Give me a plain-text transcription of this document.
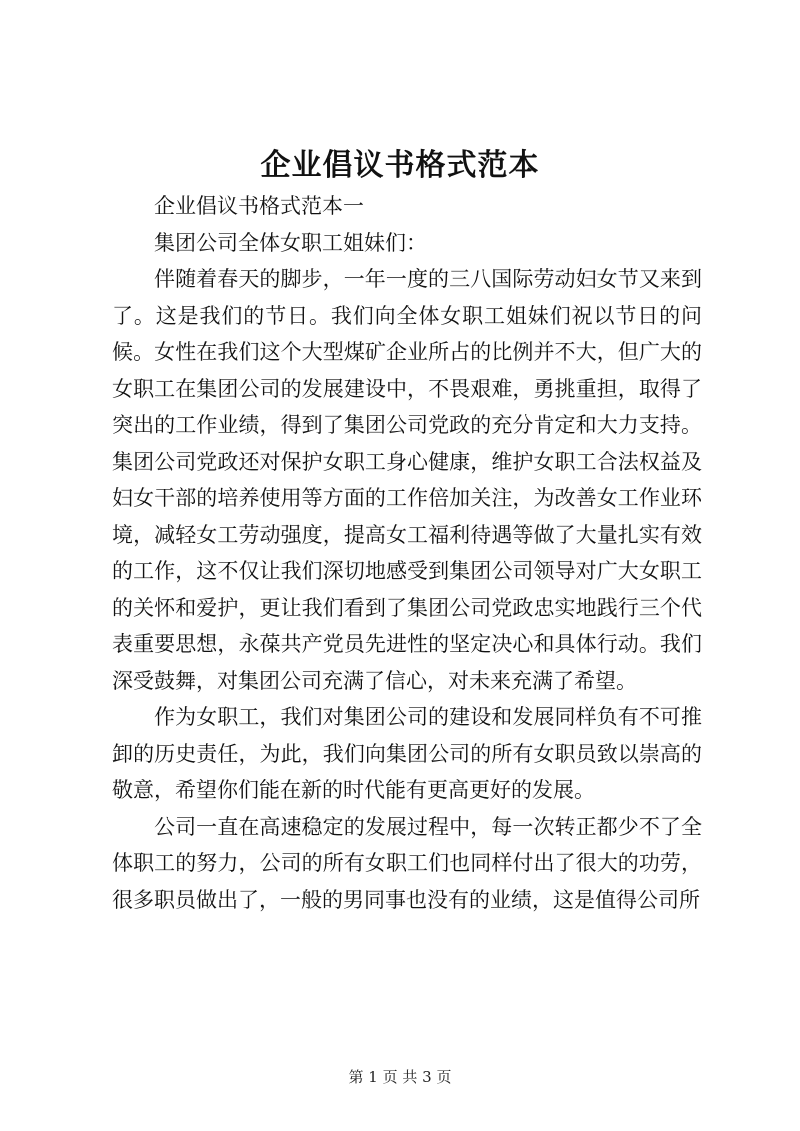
企业倡议书格式范本

企业倡议书格式范本一

集团公司全体女职工姐妹们：

伴随着春天的脚步，一年一度的三八国际劳动妇女节又来到了。这是我们的节日。我们向全体女职工姐妹们祝以节日的问候。女性在我们这个大型煤矿企业所占的比例并不大，但广大的女职工在集团公司的发展建设中，不畏艰难，勇挑重担，取得了突出的工作业绩，得到了集团公司党政的充分肯定和大力支持。集团公司党政还对保护女职工身心健康，维护女职工合法权益及妇女干部的培养使用等方面的工作倍加关注，为改善女工作业环境，减轻女工劳动强度，提高女工福利待遇等做了大量扎实有效的工作，这不仅让我们深切地感受到集团公司领导对广大女职工的关怀和爱护，更让我们看到了集团公司党政忠实地践行三个代表重要思想，永葆共产党员先进性的坚定决心和具体行动。我们深受鼓舞，对集团公司充满了信心，对未来充满了希望。

作为女职工，我们对集团公司的建设和发展同样负有不可推卸的历史责任，为此，我们向集团公司的所有女职员致以崇高的敬意，希望你们能在新的时代能有更高更好的发展。

公司一直在高速稳定的发展过程中，每一次转正都少不了全体职工的努力，公司的所有女职工们也同样付出了很大的功劳，很多职员做出了，一般的男同事也没有的业绩，这是值得公司所

第 1 页 共 3 页
